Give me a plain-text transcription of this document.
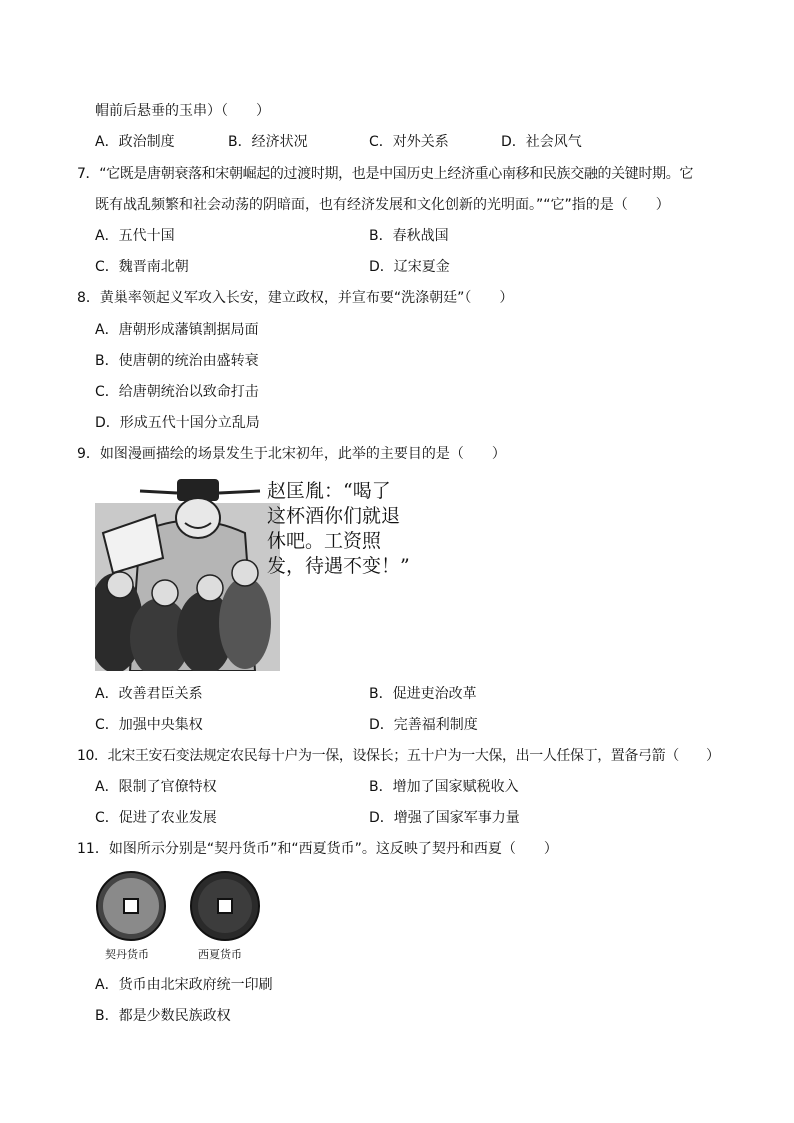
帽前后悬垂的玉串）（　　）
A．政治制度	B．经济状况	C．对外关系	D．社会风气
7．“它既是唐朝衰落和宋朝崛起的过渡时期，也是中国历史上经济重心南移和民族交融的关键时期。它
既有战乱频繁和社会动荡的阴暗面，也有经济发展和文化创新的光明面。”“它”指的是（　　）
A．五代十国	B．春秋战国
C．魏晋南北朝	D．辽宋夏金
8．黄巢率领起义军攻入长安，建立政权，并宣布要“洗涤朝廷”（　　）
A．唐朝形成藩镇割据局面
B．使唐朝的统治由盛转衰
C．给唐朝统治以致命打击
D．形成五代十国分立乱局
9．如图漫画描绘的场景发生于北宋初年，此举的主要目的是（　　）
赵匡胤：“喝了
这杯酒你们就退
休吧。工资照
发，待遇不变！”
A．改善君臣关系	B．促进吏治改革
C．加强中央集权	D．完善福利制度
10．北宋王安石变法规定农民每十户为一保，设保长；五十户为一大保，出一人任保丁，置备弓箭（　　）
A．限制了官僚特权	B．增加了国家赋税收入
C．促进了农业发展	D．增强了国家军事力量
11．如图所示分别是“契丹货币”和“西夏货币”。这反映了契丹和西夏（　　）
契丹货币	西夏货币
A．货币由北宋政府统一印刷
B．都是少数民族政权
